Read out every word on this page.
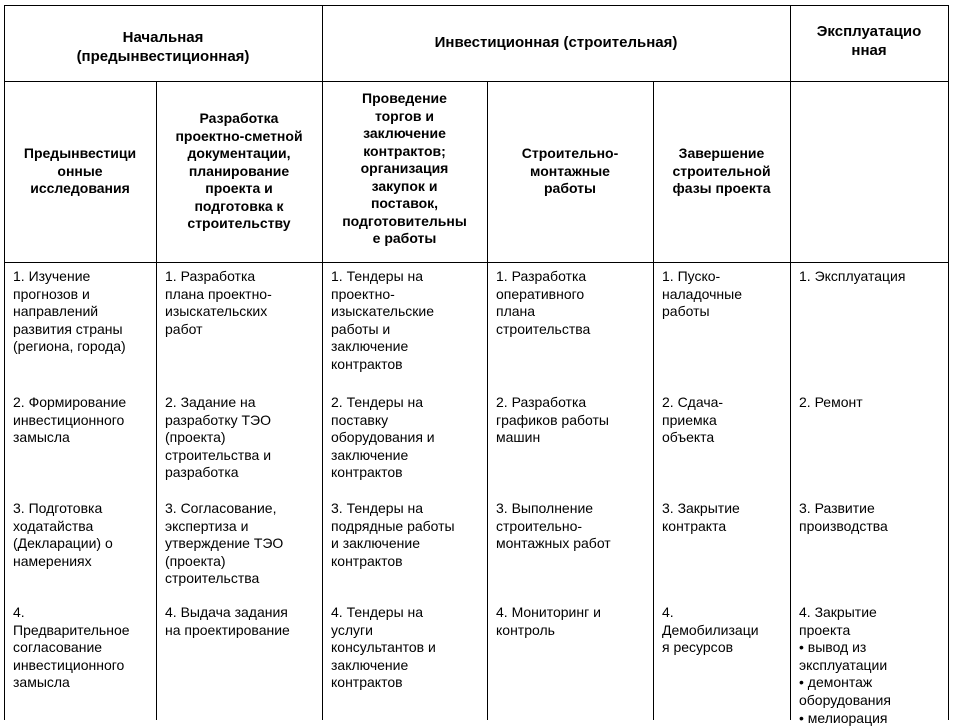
Начальная
(предынвестиционная)
Инвестиционная (строительная)
Эксплуатацио
нная
Предынвестици
онные
исследования
Разработка
проектно-сметной
документации,
планирование
проекта и
подготовка к
строительству
Проведение
торгов и
заключение
контрактов;
организация
закупок и
поставок,
подготовительны
е работы
Строительно-
монтажные
работы
Завершение
строительной
фазы проекта
1. Изучение
прогнозов и
направлений
развития страны
(региона, города)
2. Формирование
инвестиционного
замысла
3. Подготовка
ходатайства
(Декларации) о
намерениях
4.
Предварительное
согласование
инвестиционного
замысла
1. Разработка
плана проектно-
изыскательских
работ
2. Задание на
разработку ТЭО
(проекта)
строительства и
разработка
3. Согласование,
экспертиза и
утверждение ТЭО
(проекта)
строительства
4. Выдача задания
на проектирование
1. Тендеры на
проектно-
изыскательские
работы и
заключение
контрактов
2. Тендеры на
поставку
оборудования и
заключение
контрактов
3. Тендеры на
подрядные работы
и заключение
контрактов
4. Тендеры на
услуги
консультантов и
заключение
контрактов
1. Разработка
оперативного
плана
строительства
2. Разработка
графиков работы
машин
3. Выполнение
строительно-
монтажных работ
4. Мониторинг и
контроль
1. Пуско-
наладочные
работы
2. Сдача-
приемка
объекта
3. Закрытие
контракта
4.
Демобилизаци
я ресурсов
1. Эксплуатация
2. Ремонт
3. Развитие
производства
4. Закрытие
проекта
• вывод из
эксплуатации
• демонтаж
оборудования
• мелиорация
